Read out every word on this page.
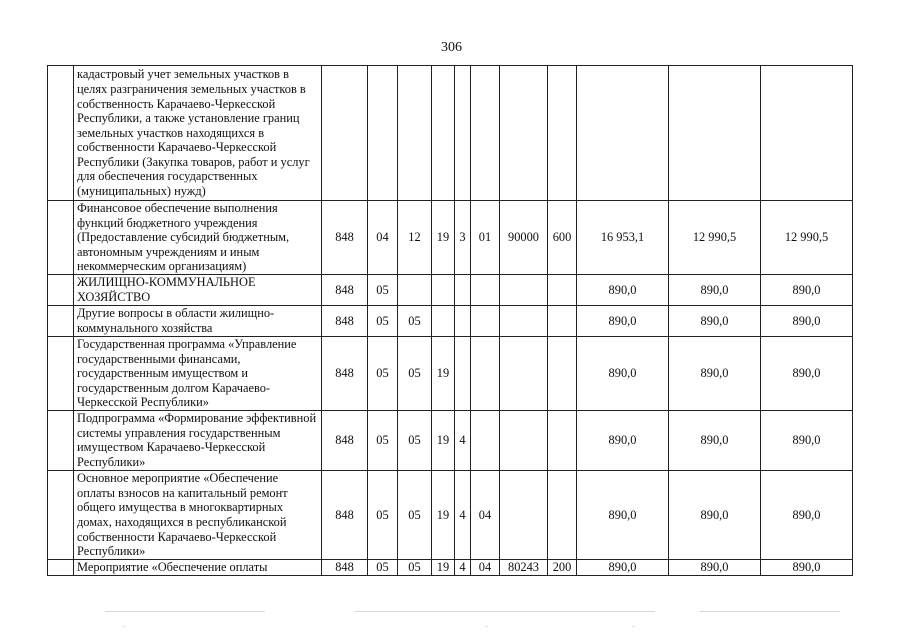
306
	кадастровый учет земельных участков в целях разграничения земельных участков в собственность Карачаево-Черкесской Республики, а также установление границ земельных участков находящихся в собственности Карачаево-Черкесской Республики (Закупка товаров, работ и услуг для обеспечения государственных (муниципальных) нужд)											
	Финансовое обеспечение выполнения функций бюджетного учреждения (Предоставление субсидий бюджетным, автономным учреждениям и иным некоммерческим организациям)	848	04	12	19	3	01	90000	600	16 953,1	12 990,5	12 990,5
	ЖИЛИЩНО-КОММУНАЛЬНОЕ ХОЗЯЙСТВО	848	05							890,0	890,0	890,0
	Другие вопросы в области жилищно-коммунального хозяйства	848	05	05						890,0	890,0	890,0
	Государственная программа «Управление государственными финансами, государственным имуществом и государственным долгом Карачаево-Черкесской Республики»	848	05	05	19					890,0	890,0	890,0
	Подпрограмма «Формирование эффективной системы управления государственным имуществом Карачаево-Черкесской Республики»	848	05	05	19	4				890,0	890,0	890,0
	Основное мероприятие «Обеспечение оплаты взносов на капитальный ремонт общего имущества в многоквартирных домах, находящихся в республиканской собственности Карачаево-Черкесской Республики»	848	05	05	19	4	04			890,0	890,0	890,0
	Мероприятие «Обеспечение оплаты	848	05	05	19	4	04	80243	200	890,0	890,0	890,0
